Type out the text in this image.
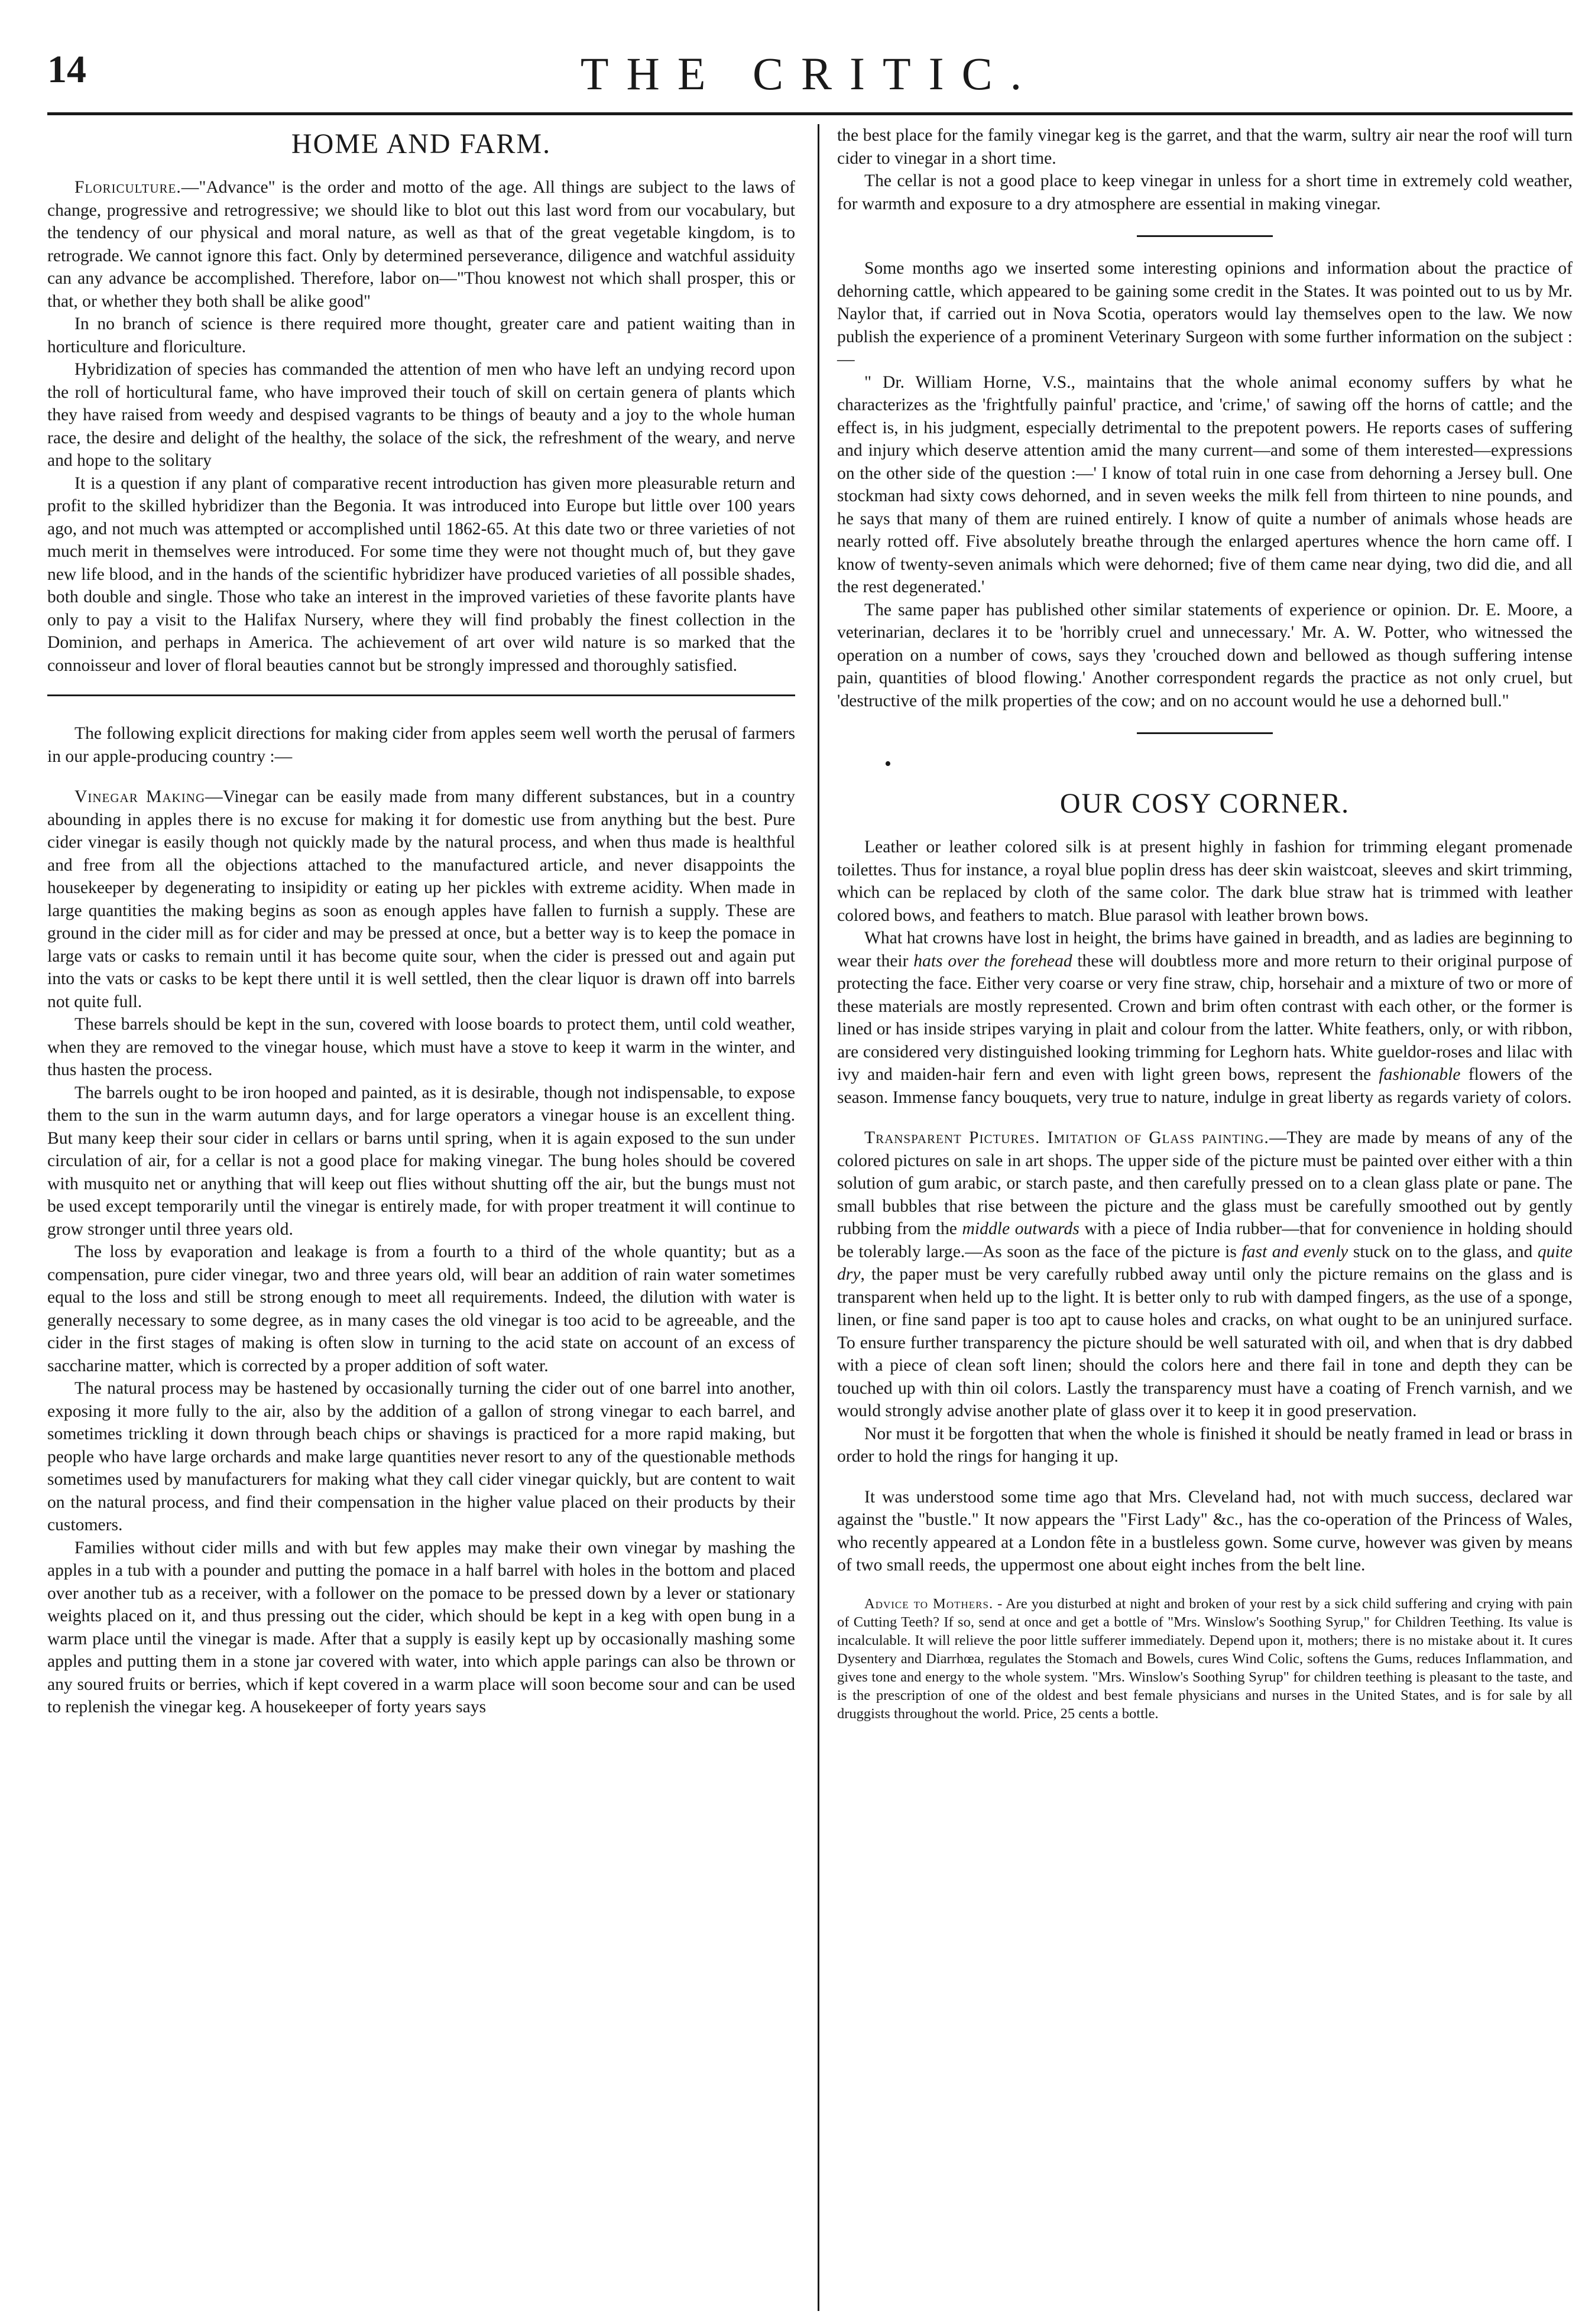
14	THE CRITIC.
HOME AND FARM.

Floriculture.—"Advance" is the order and motto of the age. All things are subject to the laws of change, progressive and retrogressive; we should like to blot out this last word from our vocabulary, but the tendency of our physical and moral nature, as well as that of the great vegetable kingdom, is to retrograde. We cannot ignore this fact. Only by determined perseverance, diligence and watchful assiduity can any advance be accomplished. Therefore, labor on—"Thou knowest not which shall prosper, this or that, or whether they both shall be alike good"

In no branch of science is there required more thought, greater care and patient waiting than in horticulture and floriculture.

Hybridization of species has commanded the attention of men who have left an undying record upon the roll of horticultural fame, who have improved their touch of skill on certain genera of plants which they have raised from weedy and despised vagrants to be things of beauty and a joy to the whole human race, the desire and delight of the healthy, the solace of the sick, the refreshment of the weary, and nerve and hope to the solitary

It is a question if any plant of comparative recent introduction has given more pleasurable return and profit to the skilled hybridizer than the Begonia. It was introduced into Europe but little over 100 years ago, and not much was attempted or accomplished until 1862-65. At this date two or three varieties of not much merit in themselves were introduced. For some time they were not thought much of, but they gave new life blood, and in the hands of the scientific hybridizer have produced varieties of all possible shades, both double and single. Those who take an interest in the improved varieties of these favorite plants have only to pay a visit to the Halifax Nursery, where they will find probably the finest collection in the Dominion, and perhaps in America. The achievement of art over wild nature is so marked that the connoisseur and lover of floral beauties cannot but be strongly impressed and thoroughly satisfied.

The following explicit directions for making cider from apples seem well worth the perusal of farmers in our apple-producing country :—

Vinegar Making—Vinegar can be easily made from many different substances, but in a country abounding in apples there is no excuse for making it for domestic use from anything but the best. Pure cider vinegar is easily though not quickly made by the natural process, and when thus made is healthful and free from all the objections attached to the manufactured article, and never disappoints the housekeeper by degenerating to insipidity or eating up her pickles with extreme acidity. When made in large quantities the making begins as soon as enough apples have fallen to furnish a supply. These are ground in the cider mill as for cider and may be pressed at once, but a better way is to keep the pomace in large vats or casks to remain until it has become quite sour, when the cider is pressed out and again put into the vats or casks to be kept there until it is well settled, then the clear liquor is drawn off into barrels not quite full.

These barrels should be kept in the sun, covered with loose boards to protect them, until cold weather, when they are removed to the vinegar house, which must have a stove to keep it warm in the winter, and thus hasten the process.

The barrels ought to be iron hooped and painted, as it is desirable, though not indispensable, to expose them to the sun in the warm autumn days, and for large operators a vinegar house is an excellent thing. But many keep their sour cider in cellars or barns until spring, when it is again exposed to the sun under circulation of air, for a cellar is not a good place for making vinegar. The bung holes should be covered with musquito net or anything that will keep out flies without shutting off the air, but the bungs must not be used except temporarily until the vinegar is entirely made, for with proper treatment it will continue to grow stronger until three years old.

The loss by evaporation and leakage is from a fourth to a third of the whole quantity; but as a compensation, pure cider vinegar, two and three years old, will bear an addition of rain water sometimes equal to the loss and still be strong enough to meet all requirements. Indeed, the dilution with water is generally necessary to some degree, as in many cases the old vinegar is too acid to be agreeable, and the cider in the first stages of making is often slow in turning to the acid state on account of an excess of saccharine matter, which is corrected by a proper addition of soft water.

The natural process may be hastened by occasionally turning the cider out of one barrel into another, exposing it more fully to the air, also by the addition of a gallon of strong vinegar to each barrel, and sometimes trickling it down through beach chips or shavings is practiced for a more rapid making, but people who have large orchards and make large quantities never resort to any of the questionable methods sometimes used by manufacturers for making what they call cider vinegar quickly, but are content to wait on the natural process, and find their compensation in the higher value placed on their products by their customers.

Families without cider mills and with but few apples may make their own vinegar by mashing the apples in a tub with a pounder and putting the pomace in a half barrel with holes in the bottom and placed over another tub as a receiver, with a follower on the pomace to be pressed down by a lever or stationary weights placed on it, and thus pressing out the cider, which should be kept in a keg with open bung in a warm place until the vinegar is made. After that a supply is easily kept up by occasionally mashing some apples and putting them in a stone jar covered with water, into which apple parings can also be thrown or any soured fruits or berries, which if kept covered in a warm place will soon become sour and can be used to replenish the vinegar keg. A housekeeper of forty years says

the best place for the family vinegar keg is the garret, and that the warm, sultry air near the roof will turn cider to vinegar in a short time.

The cellar is not a good place to keep vinegar in unless for a short time in extremely cold weather, for warmth and exposure to a dry atmosphere are essential in making vinegar.

Some months ago we inserted some interesting opinions and information about the practice of dehorning cattle, which appeared to be gaining some credit in the States. It was pointed out to us by Mr. Naylor that, if carried out in Nova Scotia, operators would lay themselves open to the law. We now publish the experience of a prominent Veterinary Surgeon with some further information on the subject :—

" Dr. William Horne, V.S., maintains that the whole animal economy suffers by what he characterizes as the 'frightfully painful' practice, and 'crime,' of sawing off the horns of cattle; and the effect is, in his judgment, especially detrimental to the prepotent powers. He reports cases of suffering and injury which deserve attention amid the many current—and some of them interested—expressions on the other side of the question :—' I know of total ruin in one case from dehorning a Jersey bull. One stockman had sixty cows dehorned, and in seven weeks the milk fell from thirteen to nine pounds, and he says that many of them are ruined entirely. I know of quite a number of animals whose heads are nearly rotted off. Five absolutely breathe through the enlarged apertures whence the horn came off. I know of twenty-seven animals which were dehorned; five of them came near dying, two did die, and all the rest degenerated.'

The same paper has published other similar statements of experience or opinion. Dr. E. Moore, a veterinarian, declares it to be 'horribly cruel and unnecessary.' Mr. A. W. Potter, who witnessed the operation on a number of cows, says they 'crouched down and bellowed as though suffering intense pain, quantities of blood flowing.' Another correspondent regards the practice as not only cruel, but 'destructive of the milk properties of the cow; and on no account would he use a dehorned bull."

•
OUR COSY CORNER.

Leather or leather colored silk is at present highly in fashion for trimming elegant promenade toilettes. Thus for instance, a royal blue poplin dress has deer skin waistcoat, sleeves and skirt trimming, which can be replaced by cloth of the same color. The dark blue straw hat is trimmed with leather colored bows, and feathers to match. Blue parasol with leather brown bows.

What hat crowns have lost in height, the brims have gained in breadth, and as ladies are beginning to wear their hats over the forehead these will doubtless more and more return to their original purpose of protecting the face. Either very coarse or very fine straw, chip, horsehair and a mixture of two or more of these materials are mostly represented. Crown and brim often contrast with each other, or the former is lined or has inside stripes varying in plait and colour from the latter. White feathers, only, or with ribbon, are considered very distinguished looking trimming for Leghorn hats. White gueldor-roses and lilac with ivy and maiden-hair fern and even with light green bows, represent the fashionable flowers of the season. Immense fancy bouquets, very true to nature, indulge in great liberty as regards variety of colors.

Transparent Pictures. Imitation of Glass painting.—They are made by means of any of the colored pictures on sale in art shops. The upper side of the picture must be painted over either with a thin solution of gum arabic, or starch paste, and then carefully pressed on to a clean glass plate or pane. The small bubbles that rise between the picture and the glass must be carefully smoothed out by gently rubbing from the middle outwards with a piece of India rubber—that for convenience in holding should be tolerably large.—As soon as the face of the picture is fast and evenly stuck on to the glass, and quite dry, the paper must be very carefully rubbed away until only the picture remains on the glass and is transparent when held up to the light. It is better only to rub with damped fingers, as the use of a sponge, linen, or fine sand paper is too apt to cause holes and cracks, on what ought to be an uninjured surface. To ensure further transparency the picture should be well saturated with oil, and when that is dry dabbed with a piece of clean soft linen; should the colors here and there fail in tone and depth they can be touched up with thin oil colors. Lastly the transparency must have a coating of French varnish, and we would strongly advise another plate of glass over it to keep it in good preservation.

Nor must it be forgotten that when the whole is finished it should be neatly framed in lead or brass in order to hold the rings for hanging it up.

It was understood some time ago that Mrs. Cleveland had, not with much success, declared war against the "bustle." It now appears the "First Lady" &c., has the co-operation of the Princess of Wales, who recently appeared at a London fête in a bustleless gown. Some curve, however was given by means of two small reeds, the uppermost one about eight inches from the belt line.

Advice to Mothers. - Are you disturbed at night and broken of your rest by a sick child suffering and crying with pain of Cutting Teeth? If so, send at once and get a bottle of "Mrs. Winslow's Soothing Syrup," for Children Teething. Its value is incalculable. It will relieve the poor little sufferer immediately. Depend upon it, mothers; there is no mistake about it. It cures Dysentery and Diarrhœa, regulates the Stomach and Bowels, cures Wind Colic, softens the Gums, reduces Inflammation, and gives tone and energy to the whole system. "Mrs. Winslow's Soothing Syrup" for children teething is pleasant to the taste, and is the prescription of one of the oldest and best female physicians and nurses in the United States, and is for sale by all druggists throughout the world. Price, 25 cents a bottle.
